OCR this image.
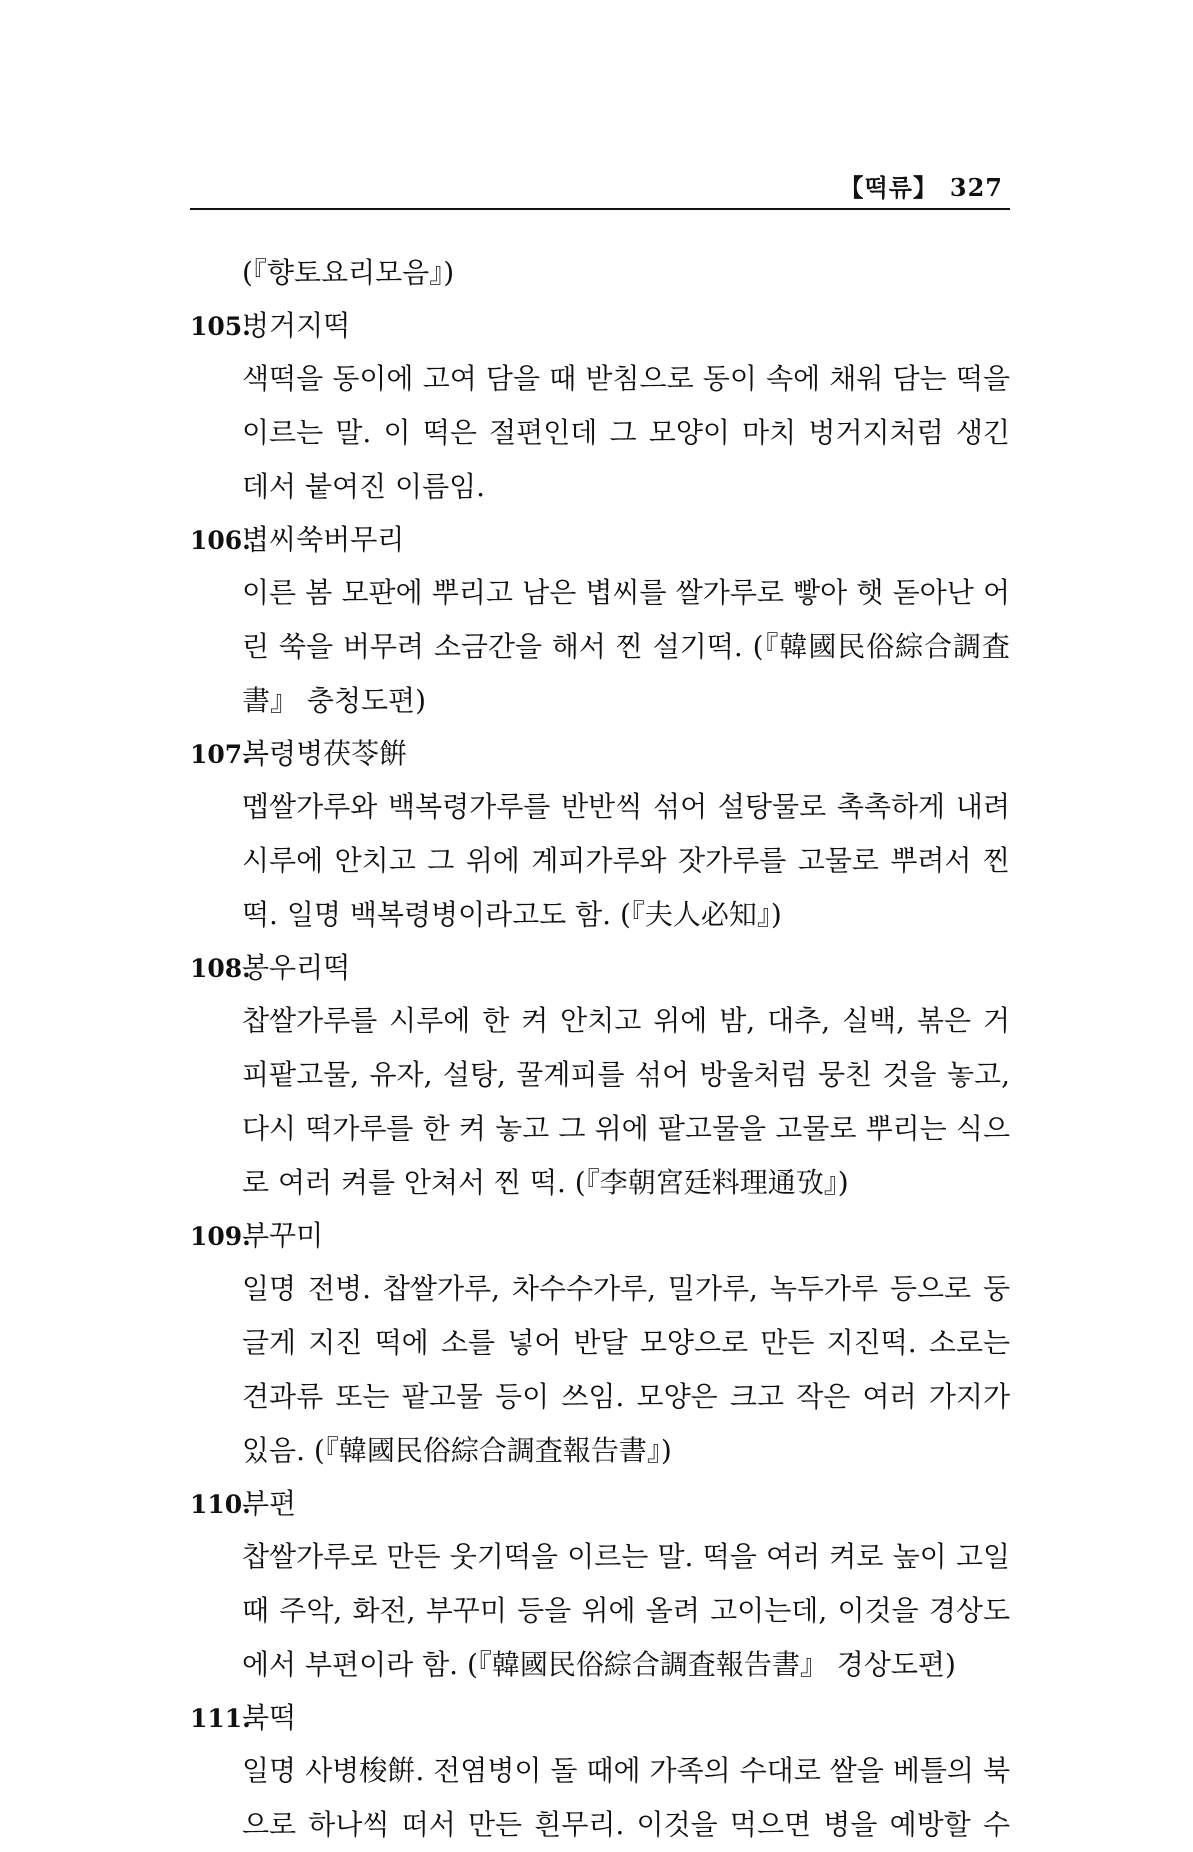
【떡류】 327
(『향토요리모음』)
105.벙거지떡
색떡을 동이에 고여 담을 때 받침으로 동이 속에 채워 담는 떡을
이르는 말. 이 떡은 절편인데 그 모양이 마치 벙거지처럼 생긴
데서 붙여진 이름임.
106.볍씨쑥버무리
이른 봄 모판에 뿌리고 남은 볍씨를 쌀가루로 빻아 햇 돋아난 어
린 쑥을 버무려 소금간을 해서 찐 설기떡. (『韓國民俗綜合調査
書』 충청도편)
107.복령병茯苓餠
멥쌀가루와 백복령가루를 반반씩 섞어 설탕물로 촉촉하게 내려
시루에 안치고 그 위에 계피가루와 잣가루를 고물로 뿌려서 찐
떡. 일명 백복령병이라고도 함. (『夫人必知』)
108.봉우리떡
찹쌀가루를 시루에 한 켜 안치고 위에 밤, 대추, 실백, 볶은 거
피팥고물, 유자, 설탕, 꿀계피를 섞어 방울처럼 뭉친 것을 놓고,
다시 떡가루를 한 켜 놓고 그 위에 팥고물을 고물로 뿌리는 식으
로 여러 켜를 안쳐서 찐 떡. (『李朝宮廷料理通攷』)
109.부꾸미
일명 전병. 찹쌀가루, 차수수가루, 밀가루, 녹두가루 등으로 둥
글게 지진 떡에 소를 넣어 반달 모양으로 만든 지진떡. 소로는
견과류 또는 팥고물 등이 쓰임. 모양은 크고 작은 여러 가지가
있음. (『韓國民俗綜合調査報告書』)
110.부편
찹쌀가루로 만든 웃기떡을 이르는 말. 떡을 여러 켜로 높이 고일
때 주악, 화전, 부꾸미 등을 위에 올려 고이는데, 이것을 경상도
에서 부편이라 함. (『韓國民俗綜合調査報告書』 경상도편)
111.북떡
일명 사병梭餠. 전염병이 돌 때에 가족의 수대로 쌀을 베틀의 북
으로 하나씩 떠서 만든 흰무리. 이것을 먹으면 병을 예방할 수
